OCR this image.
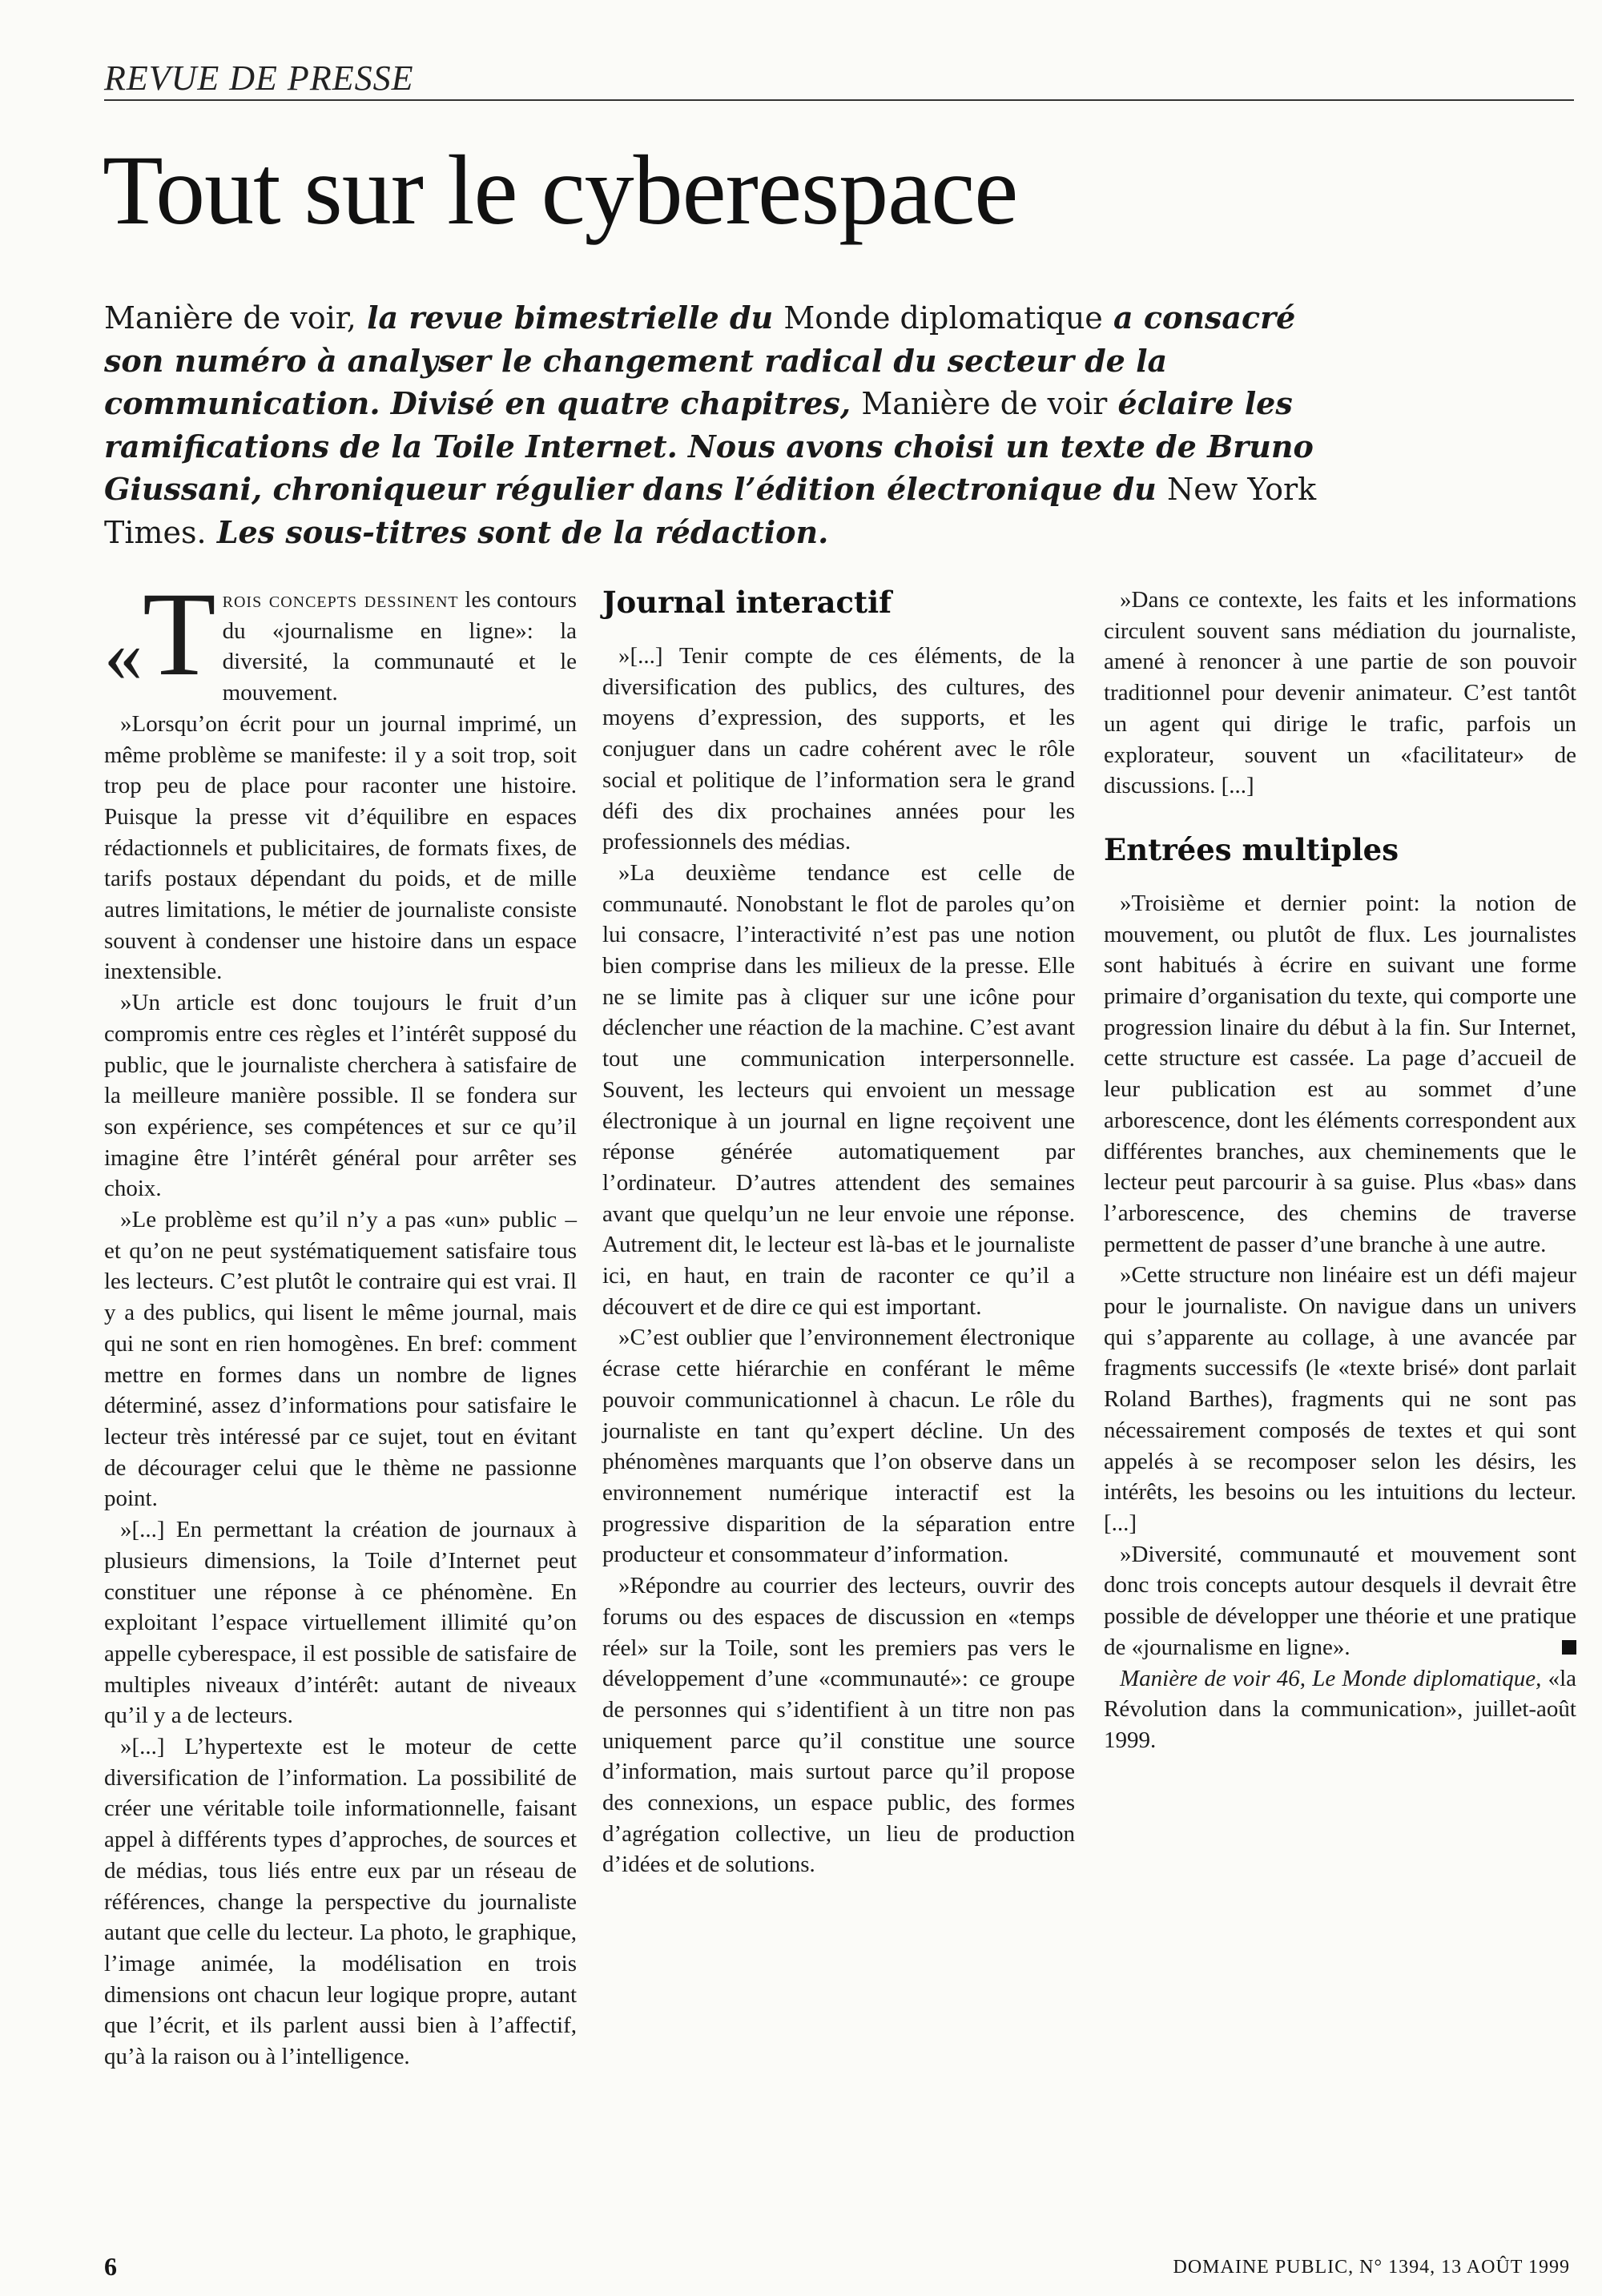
REVUE DE PRESSE
Tout sur le cyberespace

Manière de voir, la revue bimestrielle du Monde diplomatique a consacré son numéro à analyser le changement radical du secteur de la communication. Divisé en quatre chapitres, Manière de voir éclaire les ramifications de la Toile Internet. Nous avons choisi un texte de Bruno Giussani, chroniqueur régulier dans l’édition électronique du New York Times. Les sous-titres sont de la rédaction.

« T rois concepts dessinent les contours du «journalisme en ligne»: la diversité, la communauté et le mouvement.

»Lorsqu’on écrit pour un journal imprimé, un même problème se manifeste: il y a soit trop, soit trop peu de place pour raconter une histoire. Puisque la presse vit d’équilibre en espaces rédactionnels et publicitaires, de formats fixes, de tarifs postaux dépendant du poids, et de mille autres limitations, le métier de journaliste consiste souvent à condenser une histoire dans un espace inextensible.

»Un article est donc toujours le fruit d’un compromis entre ces règles et l’intérêt supposé du public, que le journaliste cherchera à satisfaire de la meilleure manière possible. Il se fondera sur son expérience, ses compétences et sur ce qu’il imagine être l’intérêt général pour arrêter ses choix.

»Le problème est qu’il n’y a pas «un» public – et qu’on ne peut systématiquement satisfaire tous les lecteurs. C’est plutôt le contraire qui est vrai. Il y a des publics, qui lisent le même journal, mais qui ne sont en rien homogènes. En bref: comment mettre en formes dans un nombre de lignes déterminé, assez d’informations pour satisfaire le lecteur très intéressé par ce sujet, tout en évitant de décourager celui que le thème ne passionne point.

»[...] En permettant la création de journaux à plusieurs dimensions, la Toile d’Internet peut constituer une réponse à ce phénomène. En exploitant l’espace virtuellement illimité qu’on appelle cyberespace, il est possible de satisfaire de multiples niveaux d’intérêt: autant de niveaux qu’il y a de lecteurs.

»[...] L’hypertexte est le moteur de cette diversification de l’information. La possibilité de créer une véritable toile informationnelle, faisant appel à différents types d’approches, de sources et de médias, tous liés entre eux par un réseau de références, change la perspective du journaliste autant que celle du lecteur. La photo, le graphique, l’image animée, la modélisation en trois dimensions ont chacun leur logique propre, autant que l’écrit, et ils parlent aussi bien à l’affectif, qu’à la raison ou à l’intelligence.

Journal interactif

»[...] Tenir compte de ces éléments, de la diversification des publics, des cultures, des moyens d’expression, des supports, et les conjuguer dans un cadre cohérent avec le rôle social et politique de l’information sera le grand défi des dix prochaines années pour les professionnels des médias.

»La deuxième tendance est celle de communauté. Nonobstant le flot de paroles qu’on lui consacre, l’interactivité n’est pas une notion bien comprise dans les milieux de la presse. Elle ne se limite pas à cliquer sur une icône pour déclencher une réaction de la machine. C’est avant tout une communication interpersonnelle. Souvent, les lecteurs qui envoient un message électronique à un journal en ligne reçoivent une réponse générée automatiquement par l’ordinateur. D’autres attendent des semaines avant que quelqu’un ne leur envoie une réponse. Autrement dit, le lecteur est là-bas et le journaliste ici, en haut, en train de raconter ce qu’il a découvert et de dire ce qui est important.

»C’est oublier que l’environnement électronique écrase cette hiérarchie en conférant le même pouvoir communicationnel à chacun. Le rôle du journaliste en tant qu’expert décline. Un des phénomènes marquants que l’on observe dans un environnement numérique interactif est la progressive disparition de la séparation entre producteur et consommateur d’information.

»Répondre au courrier des lecteurs, ouvrir des forums ou des espaces de discussion en «temps réel» sur la Toile, sont les premiers pas vers le développement d’une «communauté»: ce groupe de personnes qui s’identifient à un titre non pas uniquement parce qu’il constitue une source d’information, mais surtout parce qu’il propose des connexions, un espace public, des formes d’agrégation collective, un lieu de production d’idées et de solutions.

»Dans ce contexte, les faits et les informations circulent souvent sans médiation du journaliste, amené à renoncer à une partie de son pouvoir traditionnel pour devenir animateur. C’est tantôt un agent qui dirige le trafic, parfois un explorateur, souvent un «facilitateur» de discussions. [...]

Entrées multiples

»Troisième et dernier point: la notion de mouvement, ou plutôt de flux. Les journalistes sont habitués à écrire en suivant une forme primaire d’organisation du texte, qui comporte une progression linaire du début à la fin. Sur Internet, cette structure est cassée. La page d’accueil de leur publication est au sommet d’une arborescence, dont les éléments correspondent aux différentes branches, aux cheminements que le lecteur peut parcourir à sa guise. Plus «bas» dans l’arborescence, des chemins de traverse permettent de passer d’une branche à une autre.

»Cette structure non linéaire est un défi majeur pour le journaliste. On navigue dans un univers qui s’apparente au collage, à une avancée par fragments successifs (le «texte brisé» dont parlait Roland Barthes), fragments qui ne sont pas nécessairement composés de textes et qui sont appelés à se recomposer selon les désirs, les intérêts, les besoins ou les intuitions du lecteur. [...]

»Diversité, communauté et mouvement sont donc trois concepts autour desquels il devrait être possible de développer une théorie et une pratique de «journalisme en ligne».

Manière de voir 46, Le Monde diplomatique, «la Révolution dans la communication», juillet-août 1999.

6	DOMAINE PUBLIC, N° 1394, 13 AOÛT 1999
